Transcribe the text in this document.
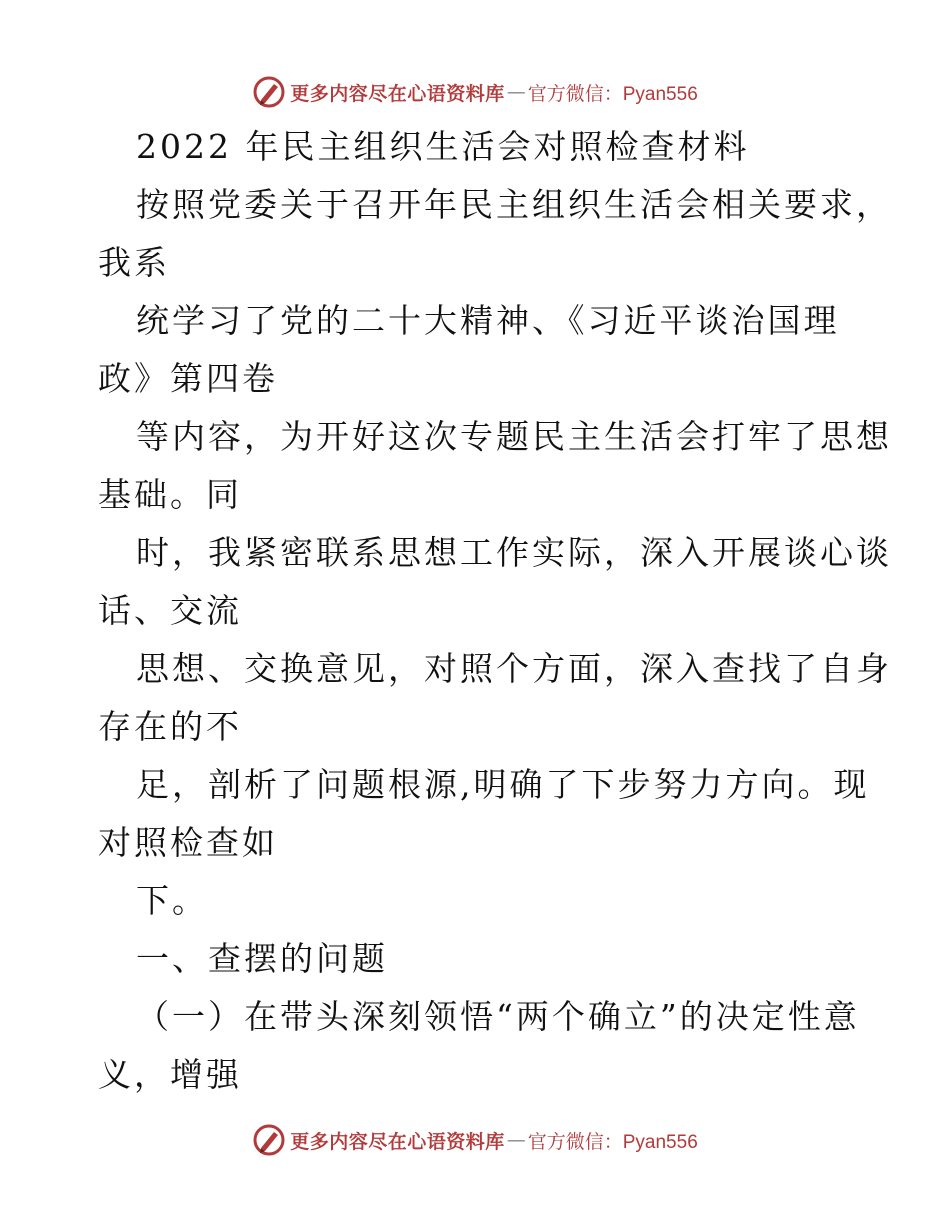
更多内容尽在心语资料库 — 官方微信：Pyan556
2022 年民主组织生活会对照检查材料
按照党委关于召开年民主组织生活会相关要求，
我系
统学习了党的二十大精神、《习近平谈治国理
政》第四卷
等内容，为开好这次专题民主生活会打牢了思想
基础。同
时，我紧密联系思想工作实际，深入开展谈心谈
话、交流
思想、交换意见，对照个方面，深入查找了自身
存在的不
足，剖析了问题根源,明确了下步努力方向。现
对照检查如
下。
一、查摆的问题
（一）在带头深刻领悟“两个确立”的决定性意
义，增强
更多内容尽在心语资料库 — 官方微信：Pyan556
